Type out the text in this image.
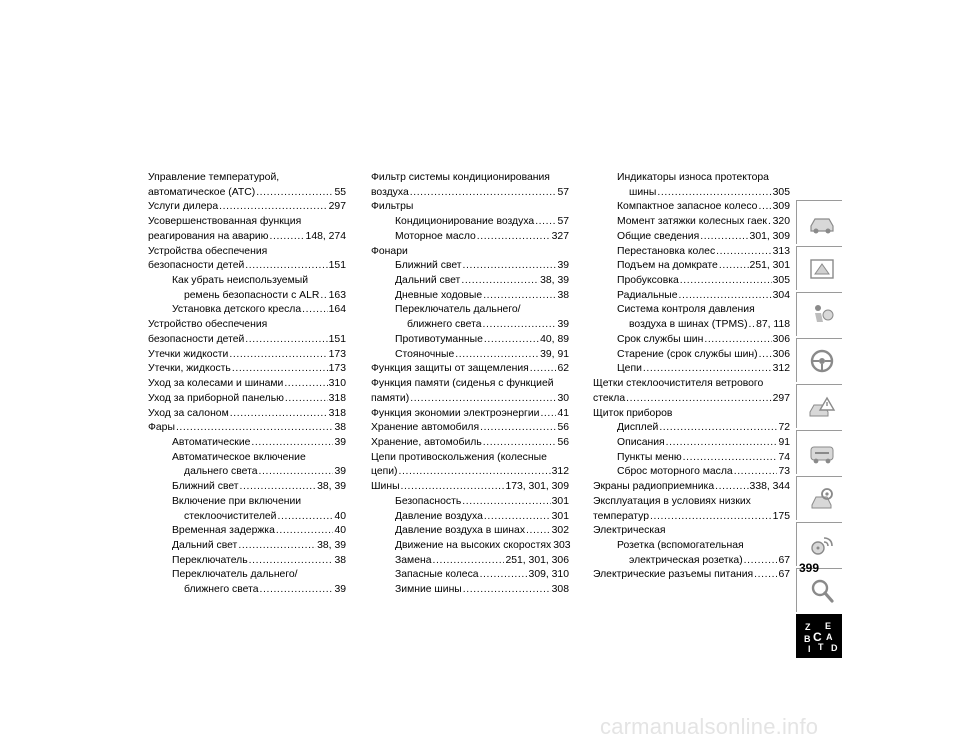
Управление температурой,
автоматическое (ATC) .....	55
Услуги дилера .....	297
Усовершенствованная функция
реагирования на аварию .....	148, 274
Устройства обеспечения
безопасности детей .....	151
Как убрать неиспользуемый
ремень безопасности с ALR ..... 163
Установка детского кресла .....	164
Устройство обеспечения
безопасности детей .....	151
Утечки жидкости .....	173
Утечки, жидкость .....	173
Уход за колесами и шинами .....	310
Уход за приборной панелью .....	318
Уход за салоном .....	318
Фары .....	38
Автоматические .....	39
Автоматическое включение
дальнего света .....	39
Ближний свет .....	38, 39
Включение при включении
стеклоочистителей .....	40
Временная задержка .....	40
Дальний свет .....	38, 39
Переключатель .....	38
Переключатель дальнего/
ближнего света .....	39
Фильтр системы кондиционирования
воздуха .....	57
Фильтры
Кондиционирование воздуха ..... 57
Моторное масло .....	327
Фонари
Ближний свет .....	39
Дальний свет .....	38, 39
Дневные ходовые .....	38
Переключатель дальнего/
ближнего света .....	39
Противотуманные .....	40, 89
Стояночные .....	39, 91
Функция защиты от защемления .....	62
Функция памяти (сиденья с функцией
памяти) .....	30
Функция экономии электроэнергии ..... 41
Хранение автомобиля .....	56
Хранение, автомобиль .....	56
Цепи противоскольжения (колесные
цепи) .....	312
Шины .....	173, 301, 309
Безопасность .....	301
Давление воздуха .....	301
Давление воздуха в шинах .....	302
Движение на высоких скоростях 303
Замена .....	251, 301, 306
Запасные колеса .....	309, 310
Зимние шины .....	308
Индикаторы износа протектора
шины .....	305
Компактное запасное колесо ..... 309
Момент затяжки колесных гаек ..... 320
Общие сведения .....	301, 309
Перестановка колес .....	313
Подъем на домкрате .....	251, 301
Пробуксовка .....	305
Радиальные .....	304
Система контроля давления
воздуха в шинах (TPMS) ..... 87, 118
Срок службы шин .....	306
Старение (срок службы шин) ..... 306
Цепи .....	312
Щетки стеклоочистителя ветрового
стекла .....	297
Щиток приборов
Дисплей .....	72
Описания .....	91
Пункты меню .....	74
Сброс моторного масла .....	73
Экраны радиоприемника .....	338, 344
Эксплуатация в условиях низких
температур .....	175
Электрическая
Розетка (вспомогательная
электрическая розетка) .....	67
Электрические разъемы питания ..... 67
Z E
B A
C
T
I D
399
carmanualsonline.info
